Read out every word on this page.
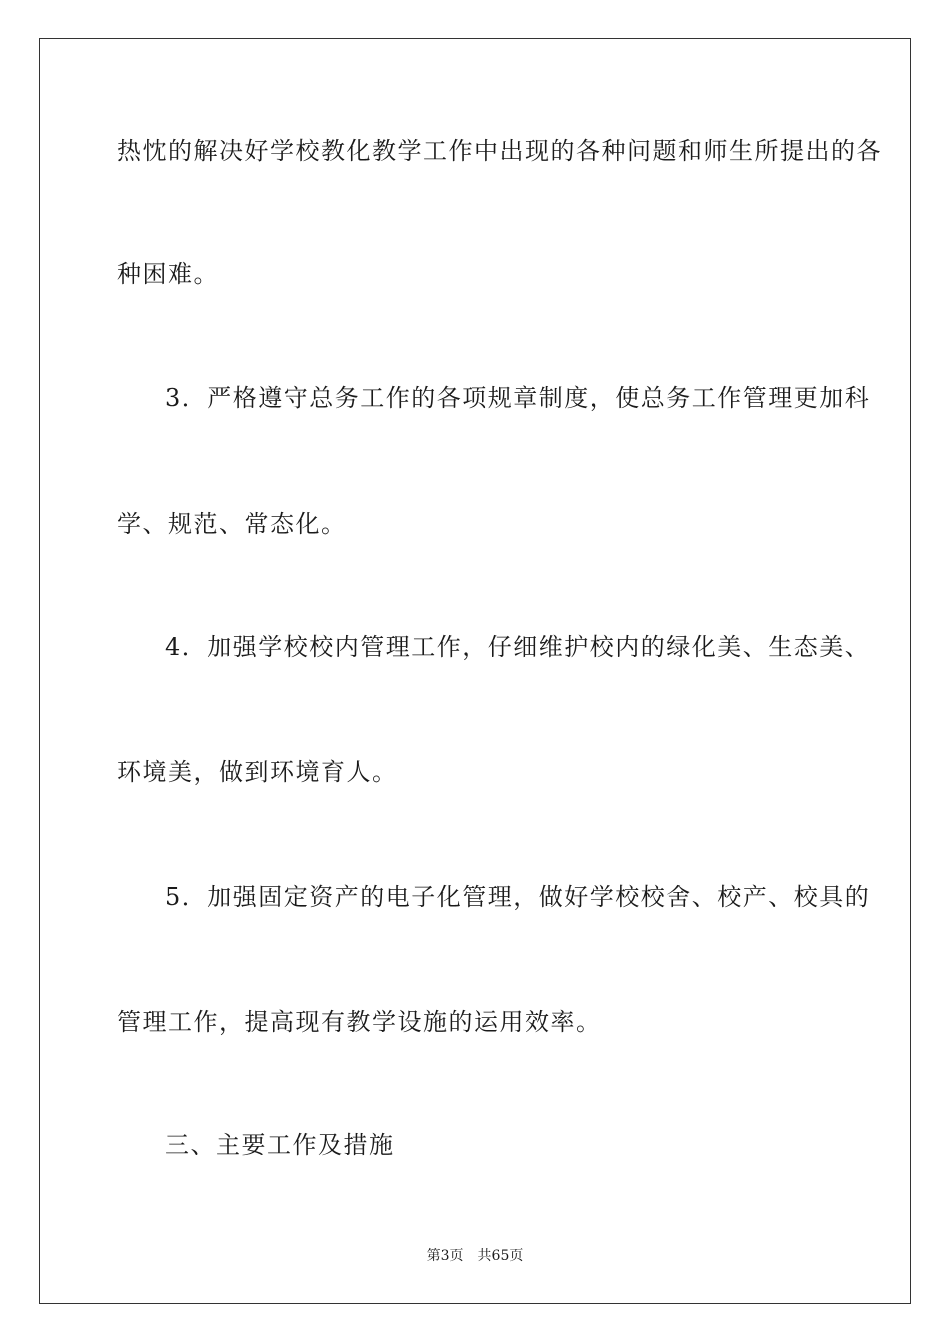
热忱的解决好学校教化教学工作中出现的各种问题和师生所提出的各
种困难。
3．严格遵守总务工作的各项规章制度，使总务工作管理更加科
学、规范、常态化。
4．加强学校校内管理工作，仔细维护校内的绿化美、生态美、
环境美，做到环境育人。
5．加强固定资产的电子化管理，做好学校校舍、校产、校具的
管理工作，提高现有教学设施的运用效率。
三、主要工作及措施
第3页 共65页
